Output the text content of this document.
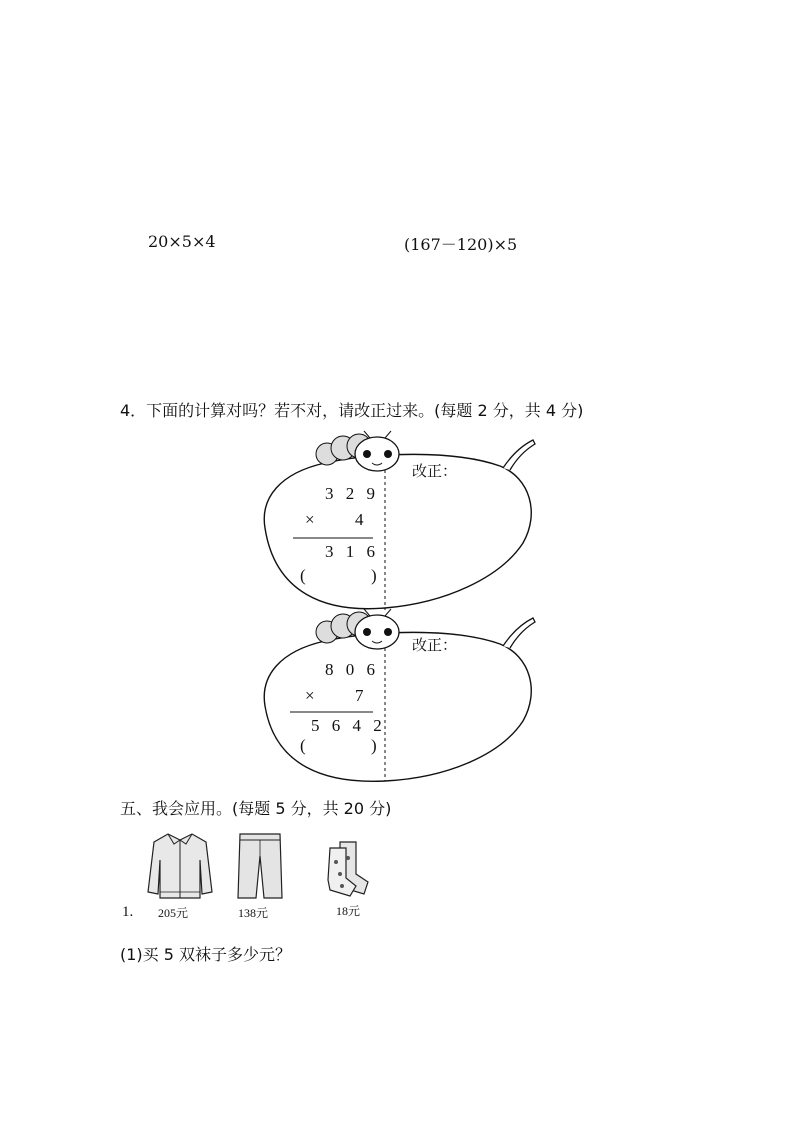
20×5×4	(167－120)×5
4．下面的计算对吗？若不对，请改正过来。(每题 2 分，共 4 分)
3 2 9
× 4
3 1 6
(	)
改正：
8 0 6
× 7
5 6 4 2
(	)
改正：
五、我会应用。(每题 5 分，共 20 分)
205元	138元	18元
1.
(1)买 5 双袜子多少元？
